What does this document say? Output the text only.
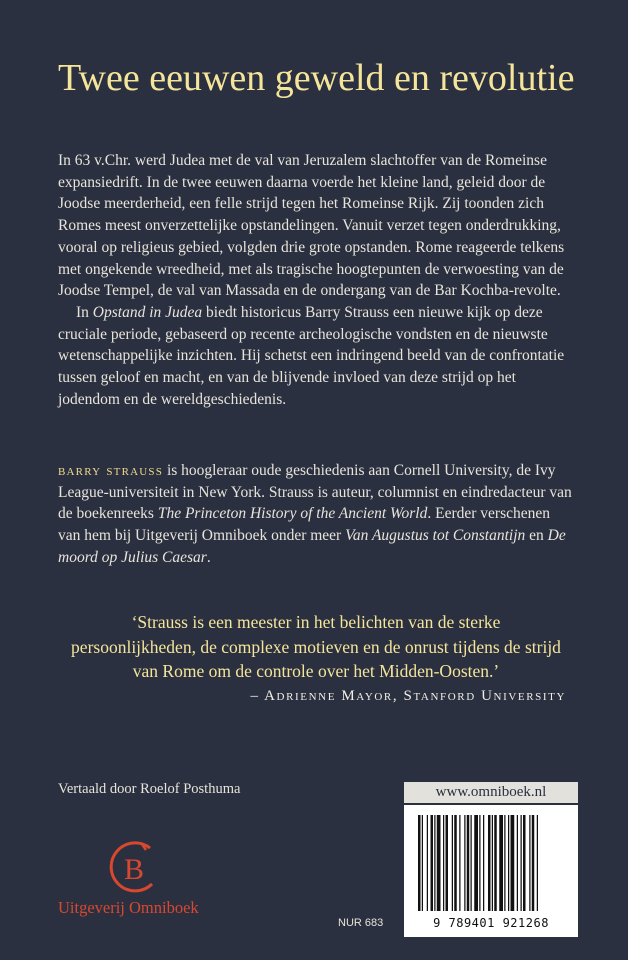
Twee eeuwen geweld en revolutie

In 63 v.Chr. werd Judea met de val van Jeruzalem slachtoffer van de Romeinse expansiedrift. In de twee eeuwen daarna voerde het kleine land, geleid door de Joodse meerderheid, een felle strijd tegen het Romeinse Rijk. Zij toonden zich Romes meest onverzettelijke opstandelingen. Vanuit verzet tegen onderdrukking, vooral op religieus gebied, volgden drie grote opstanden. Rome reageerde telkens met ongekende wreedheid, met als tragische hoogtepunten de verwoesting van de Joodse Tempel, de val van Massada en de ondergang van de Bar Kochba-revolte.

In Opstand in Judea biedt historicus Barry Strauss een nieuwe kijk op deze cruciale periode, gebaseerd op recente archeologische vondsten en de nieuwste wetenschappelijke inzichten. Hij schetst een indringend beeld van de confrontatie tussen geloof en macht, en van de blijvende invloed van deze strijd op het jodendom en de wereldgeschiedenis.

barry strauss is hoogleraar oude geschiedenis aan Cornell University, de Ivy League-universiteit in New York. Strauss is auteur, columnist en eindredacteur van de boekenreeks The Princeton History of the Ancient World. Eerder verschenen van hem bij Uitgeverij Omniboek onder meer Van Augustus tot Constantijn en De moord op Julius Caesar.
‘Strauss is een meester in het belichten van de sterke persoonlijkheden, de complexe motieven en de onrust tijdens de strijd van Rome om de controle over het Midden-Oosten.’
– Adrienne Mayor, Stanford University
Vertaald door Roelof Posthuma
B
Uitgeverij Omniboek
NUR 683
www.omniboek.nl
9 789401 921268
